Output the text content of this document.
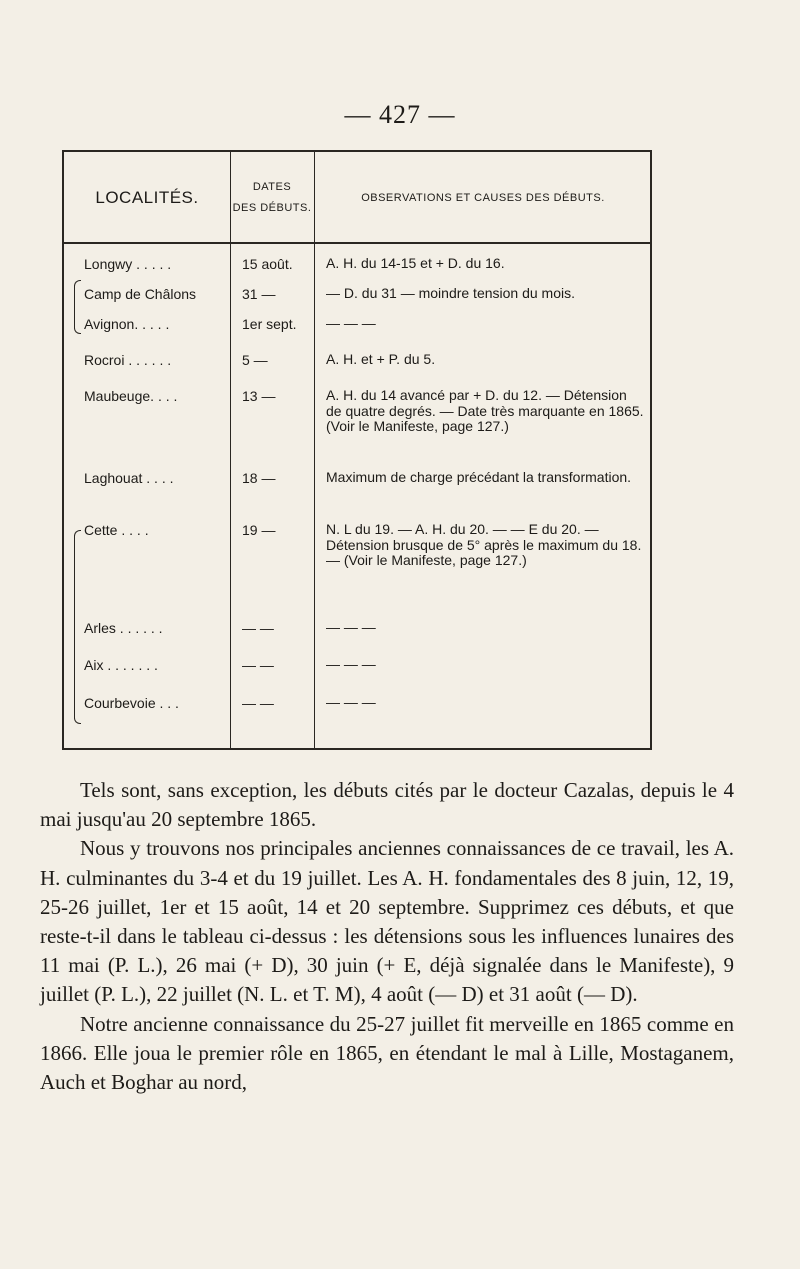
— 427 —
LOCALITÉS.
DATES
DES DÉBUTS.
OBSERVATIONS ET CAUSES DES DÉBUTS.
Longwy . . . . .	15 août.	A. H. du 14-15 et + D. du 16.
Camp de Châlons	31 —	— D. du 31 — moindre tension du mois.
Avignon. . . . .	1er sept.	— — —
Rocroi . . . . . .	5 —	A. H. et + P. du 5.
Maubeuge. . . .	13 —	A. H. du 14 avancé par + D. du 12. — Détension de quatre degrés. — Date très marquante en 1865. (Voir le Manifeste, page 127.)
Laghouat . . . .	18 —	Maximum de charge précédant la transformation.
Cette . . . .	19 —	N. L du 19. — A. H. du 20. — — E du 20. — Détension brusque de 5° après le maximum du 18. — (Voir le Manifeste, page 127.)
Arles . . . . . .	— —	— — —
Aix . . . . . . .	— —	— — —
Courbevoie . . .	— —	— — —

Tels sont, sans exception, les débuts cités par le docteur Cazalas, depuis le 4 mai jusqu'au 20 septembre 1865.

Nous y trouvons nos principales anciennes connaissances de ce travail, les A. H. culminantes du 3-4 et du 19 juillet. Les A. H. fondamentales des 8 juin, 12, 19, 25-26 juillet, 1er et 15 août, 14 et 20 septembre. Supprimez ces débuts, et que reste-t-il dans le tableau ci-dessus : les détensions sous les influences lunaires des 11 mai (P. L.), 26 mai (+ D), 30 juin (+ E, déjà signalée dans le Manifeste), 9 juillet (P. L.), 22 juillet (N. L. et T. M), 4 août (— D) et 31 août (— D).

Notre ancienne connaissance du 25-27 juillet fit merveille en 1865 comme en 1866. Elle joua le premier rôle en 1865, en étendant le mal à Lille, Mostaganem, Auch et Boghar au nord,
